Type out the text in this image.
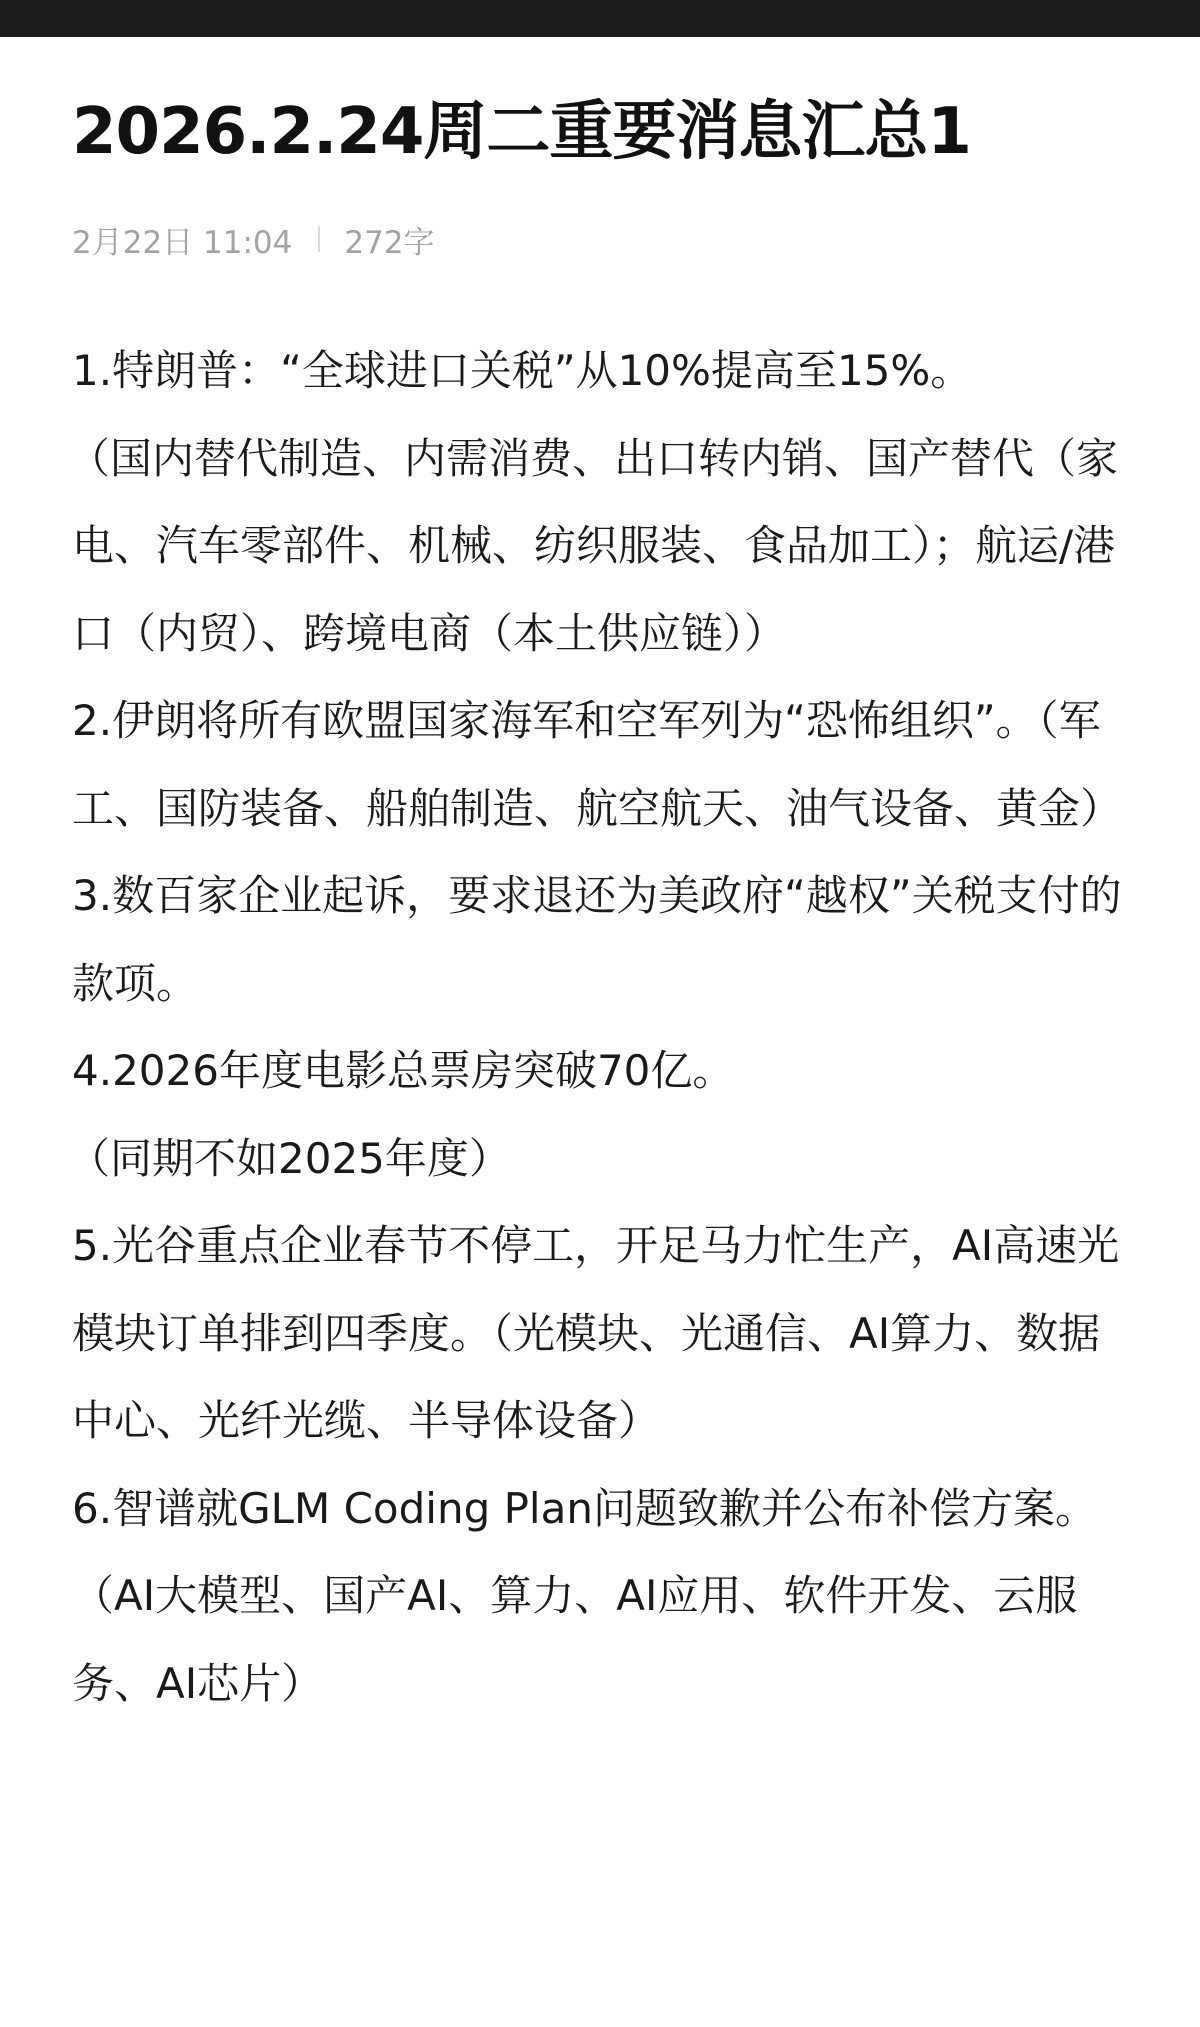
2026.2.24周二重要消息汇总1
2月22日 11:04 272字

1.特朗普：“全球进口关税”从10%提高至15%。

（国内替代制造、内需消费、出口转内销、国产替代（家电、汽车零部件、机械、纺织服装、食品加工）；航运/港口（内贸）、跨境电商（本土供应链））

2.伊朗将所有欧盟国家海军和空军列为“恐怖组织”。（军工、国防装备、船舶制造、航空航天、油气设备、黄金）

3.数百家企业起诉，要求退还为美政府“越权”关税支付的款项。

4.2026年度电影总票房突破70亿。

（同期不如2025年度）

5.光谷重点企业春节不停工，开足马力忙生产，AI高速光模块订单排到四季度。（光模块、光通信、AI算力、数据中心、光纤光缆、半导体设备）

6.智谱就GLM Coding Plan问题致歉并公布补偿方案。（AI大模型、国产AI、算力、AI应用、软件开发、云服务、AI芯片）
